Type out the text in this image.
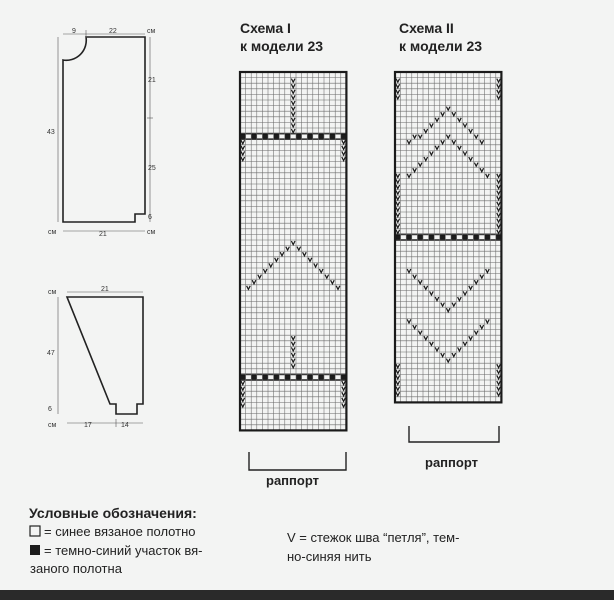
9	22	см
43
21
25
6
см	21	см
см	21
47
6
см	17	14
Схема I
к модели 23
раппорт
Схема II
к модели 23
раппорт
Условные обозначения:
= синее вязаное полотно
= темно-синий участок вя-
заного полотна
V = стежок шва “петля”, тем-
но-синяя нить
